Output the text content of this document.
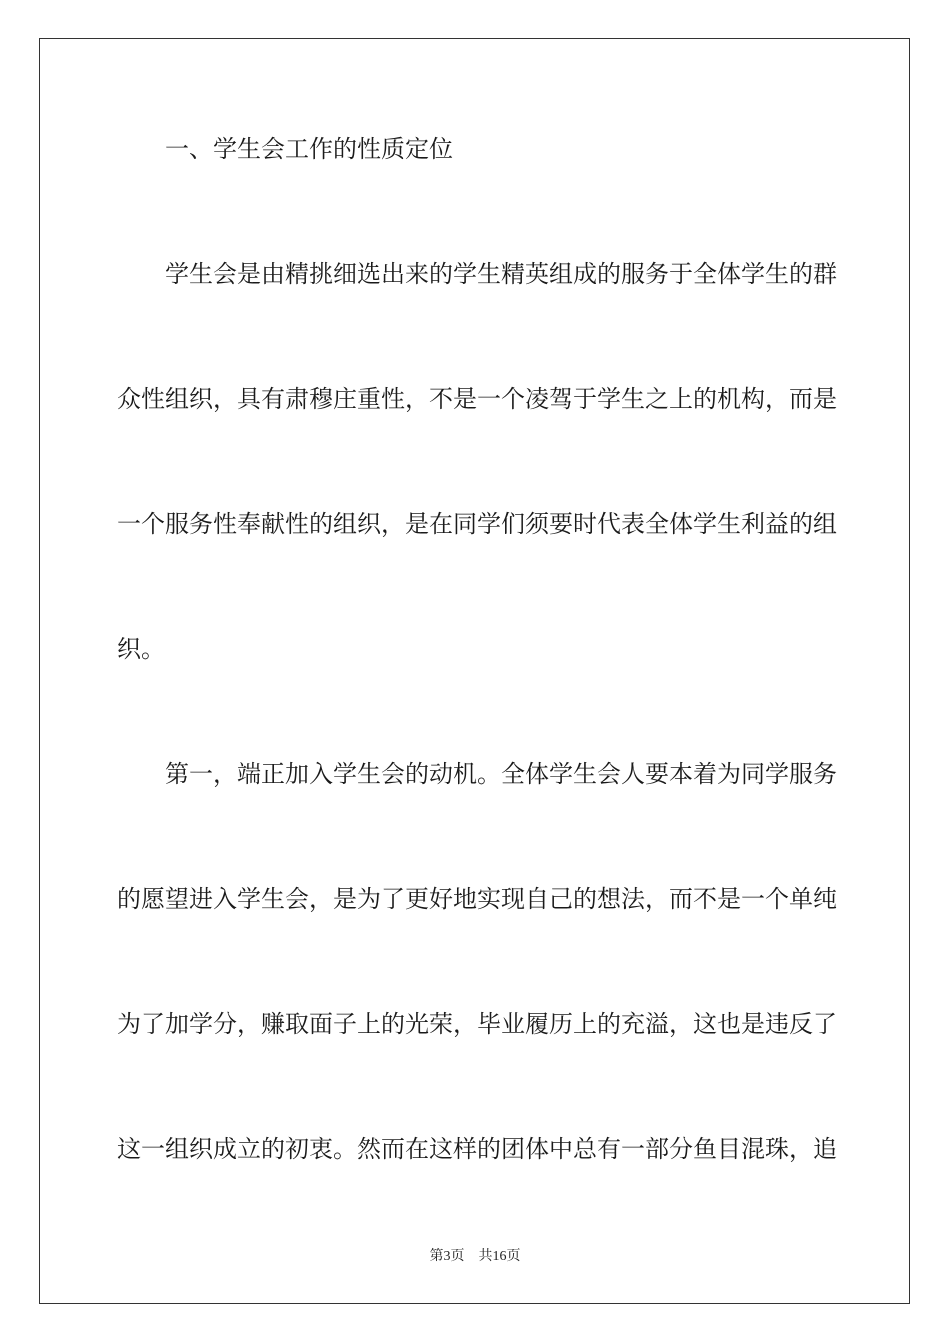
一、学生会工作的性质定位
学生会是由精挑细选出来的学生精英组成的服务于全体学生的群
众性组织，具有肃穆庄重性，不是一个凌驾于学生之上的机构，而是
一个服务性奉献性的组织，是在同学们须要时代表全体学生利益的组
织。
第一，端正加入学生会的动机。全体学生会人要本着为同学服务
的愿望进入学生会，是为了更好地实现自己的想法，而不是一个单纯
为了加学分，赚取面子上的光荣，毕业履历上的充溢，这也是违反了
这一组织成立的初衷。然而在这样的团体中总有一部分鱼目混珠，追
第3页 共16页
